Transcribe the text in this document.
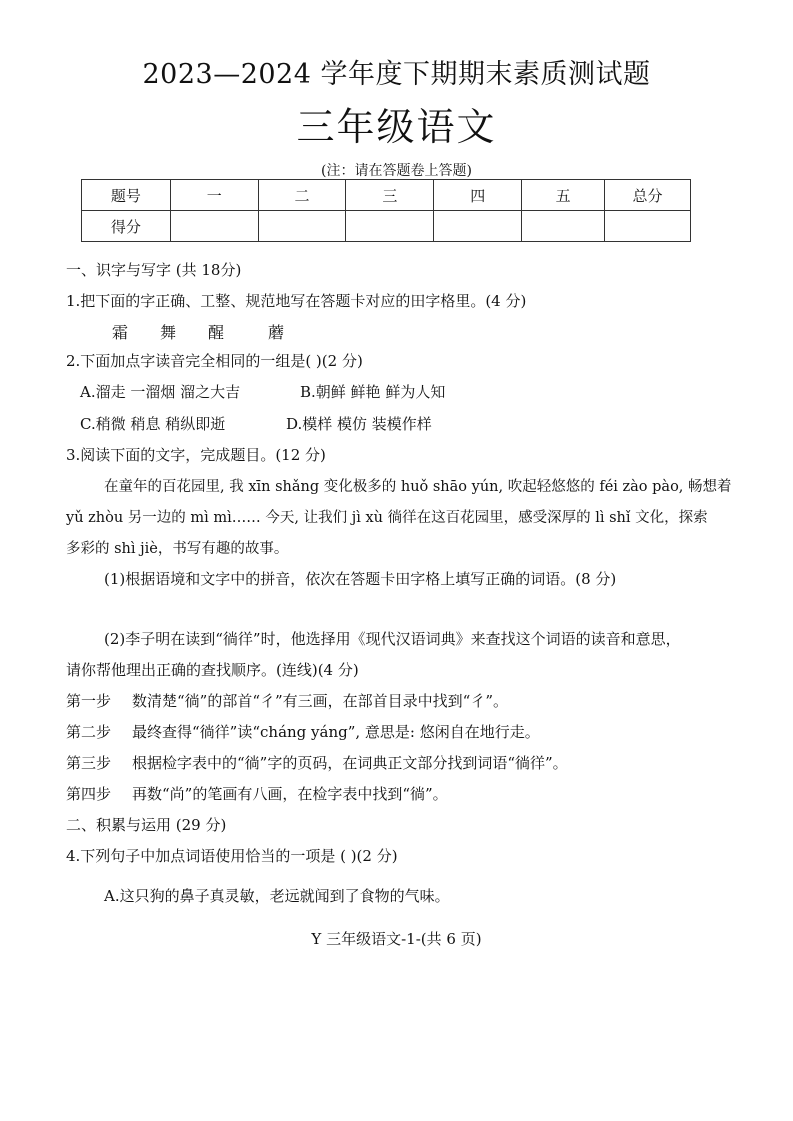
2023—2024 学年度下期期末素质测试题
三年级语文
(注：请在答题卷上答题)
题号	一	二	三	四	五	总分
得分						
一、识字与写字 (共 18分)
1.把下面的字正确、工整、规范地写在答题卡对应的田字格里。(4 分)
霜 舞 醒	蘑
2.下面加点字读音完全相同的一组是( )(2 分)
A.溜走 一溜烟 溜之大吉	B.朝鲜 鲜艳 鲜为人知
C.稍微 稍息 稍纵即逝	D.模样 模仿 装模作样
3.阅读下面的文字，完成题目。(12 分)
在童年的百花园里, 我 xīn shǎng 变化极多的 huǒ shāo yún, 吹起轻悠悠的 féi zào pào, 畅想着
yǔ zhòu 另一边的 mì mì…… 今天, 让我们 jì xù 徜徉在这百花园里，感受深厚的 lì shǐ 文化，探索
多彩的 shì jiè，书写有趣的故事。
(1)根据语境和文字中的拼音，依次在答题卡田字格上填写正确的词语。(8 分)
(2)李子明在读到“徜徉”时，他选择用《现代汉语词典》来查找这个词语的读音和意思，
请你帮他理出正确的查找顺序。(连线)(4 分)
第一步 数清楚“徜”的部首“彳”有三画，在部首目录中找到“彳”。
第二步 最终查得“徜徉”读“cháng yáng”, 意思是: 悠闲自在地行走。
第三步 根据检字表中的“徜”字的页码，在词典正文部分找到词语“徜徉”。
第四步 再数“尚”的笔画有八画，在检字表中找到“徜”。
二、积累与运用 (29 分)
4.下列句子中加点词语使用恰当的一项是 ( )(2 分)
A.这只狗的鼻子真灵敏，老远就闻到了食物的气味。
Y 三年级语文-1-(共 6 页)
